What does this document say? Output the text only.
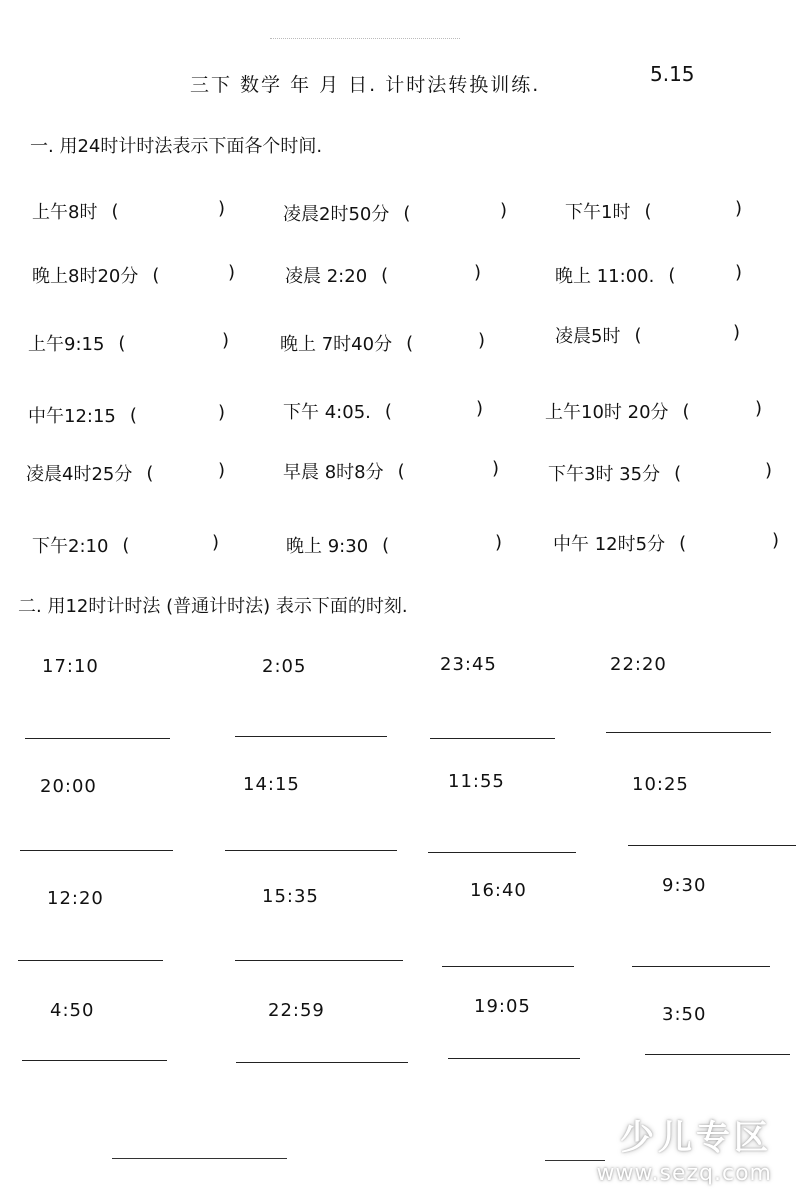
三下 数学 年 月 日. 计时法转换训练.	5.15
一. 用24时计时法表示下面各个时间.
上午8时 (	)	凌晨2时50分 (	)	下午1时 (	)
晚上8时20分 (	)	凌晨 2:20 (	)	晚上 11:00. (	)
上午9:15 (	)	晚上 7时40分 (	)	凌晨5时 (	)
中午12:15 (	)	下午 4:05. (	)	上午10时 20分 (	)
凌晨4时25分 (	)	早晨 8时8分 (	)	下午3时 35分 (	)
下午2:10 (	)	晚上 9:30 (	)	中午 12时5分 (	)
二. 用12时计时法 (普通计时法) 表示下面的时刻.
17:10	2:05	23:45	22:20
20:00	14:15	11:55	10:25
12:20	15:35	16:40	9:30
4:50	22:59	19:05	3:50
少儿专区
www.sezq.com
